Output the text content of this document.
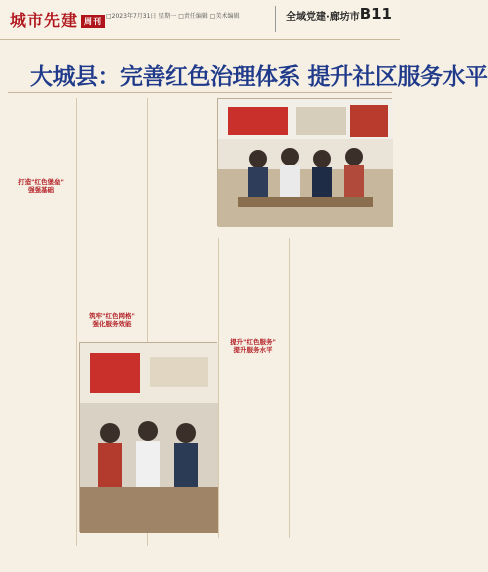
城市先建 周刊 □2023年7月31日 星期一 □责任编辑 □美术编辑	全域党建·廊坊市 B11
大城县：完善红色治理体系 提升社区服务水平
打造"红色堡垒"
强强基础
筑牢"红色网格"
强化服务效能
提升"红色服务"
提升服务水平
